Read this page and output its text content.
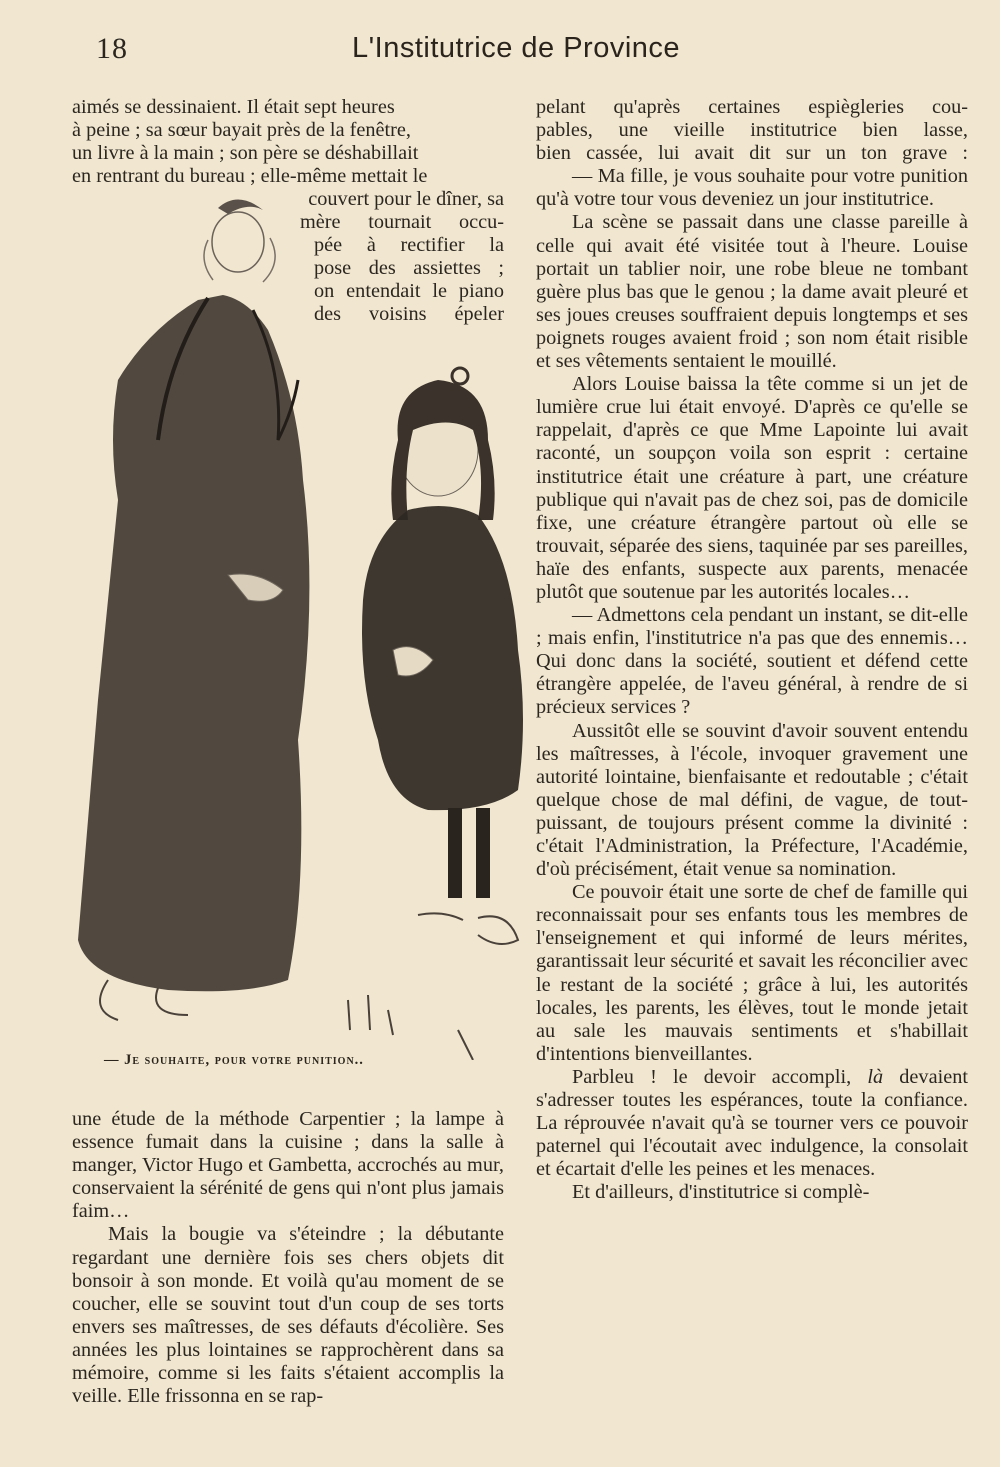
18	L'Institutrice de Province
aimés se dessinaient. Il était sept heures
à peine ; sa sœur bayait près de la fenêtre,
un livre à la main ; son père se déshabillait
en rentrant du bureau ; elle-même mettait le
couvert pour le dîner, sa
mère tournait occu-
pée à rectifier la
pose des assiettes ;
on entendait le piano
des voisins épeler
— Je souhaite, pour votre punition..

une étude de la méthode Carpentier ; la lampe à essence fumait dans la cuisine ; dans la salle à manger, Victor Hugo et Gambetta, accrochés au mur, conservaient la sérénité de gens qui n'ont plus jamais faim…

Mais la bougie va s'éteindre ; la débutante regardant une dernière fois ses chers objets dit bonsoir à son monde. Et voilà qu'au moment de se coucher, elle se souvint tout d'un coup de ses torts envers ses maîtresses, de ses défauts d'écolière. Ses années les plus lointaines se rapprochèrent dans sa mémoire, comme si les faits s'étaient accomplis la veille. Elle frissonna en se rap-

pelant qu'après certaines espiègleries cou-
pables, une vieille institutrice bien lasse,
bien cassée, lui avait dit sur un ton grave :

— Ma fille, je vous souhaite pour votre punition qu'à votre tour vous deveniez un jour institutrice.

La scène se passait dans une classe pareille à celle qui avait été visitée tout à l'heure. Louise portait un tablier noir, une robe bleue ne tombant guère plus bas que le genou ; la dame avait pleuré et ses joues creuses souffraient depuis longtemps et ses poignets rouges avaient froid ; son nom était risible et ses vêtements sentaient le mouillé.

Alors Louise baissa la tête comme si un jet de lumière crue lui était envoyé. D'après ce qu'elle se rappelait, d'après ce que Mme Lapointe lui avait raconté, un soupçon voila son esprit : certaine institutrice était une créature à part, une créature publique qui n'avait pas de chez soi, pas de domicile fixe, une créature étrangère partout où elle se trouvait, séparée des siens, taquinée par ses pareilles, haïe des enfants, suspecte aux parents, menacée plutôt que soutenue par les autorités locales…

— Admettons cela pendant un instant, se dit-elle ; mais enfin, l'institutrice n'a pas que des ennemis… Qui donc dans la société, soutient et défend cette étrangère appelée, de l'aveu général, à rendre de si précieux services ?

Aussitôt elle se souvint d'avoir souvent entendu les maîtresses, à l'école, invoquer gravement une autorité lointaine, bienfaisante et redoutable ; c'était quelque chose de mal défini, de vague, de tout-puissant, de toujours présent comme la divinité : c'était l'Administration, la Préfecture, l'Académie, d'où précisément, était venue sa nomination.

Ce pouvoir était une sorte de chef de famille qui reconnaissait pour ses enfants tous les membres de l'enseignement et qui informé de leurs mérites, garantissait leur sécurité et savait les réconcilier avec le restant de la société ; grâce à lui, les autorités locales, les parents, les élèves, tout le monde jetait au sale les mauvais sentiments et s'habillait d'intentions bienveillantes.

Parbleu ! le devoir accompli, là devaient s'adresser toutes les espérances, toute la confiance. La réprouvée n'avait qu'à se tourner vers ce pouvoir paternel qui l'écoutait avec indulgence, la consolait et écartait d'elle les peines et les menaces.

Et d'ailleurs, d'institutrice si complè-
